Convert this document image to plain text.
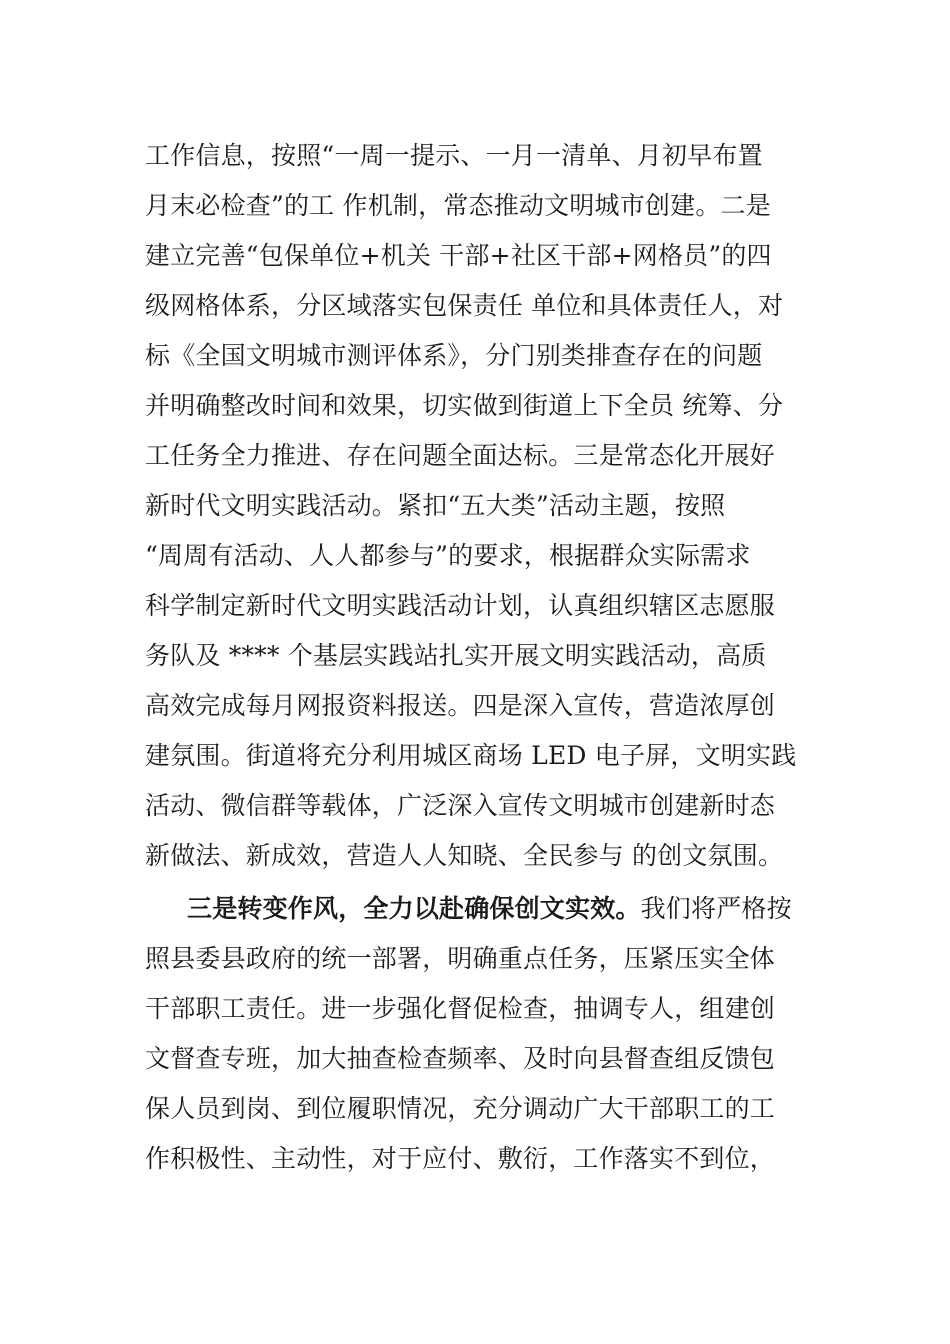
工作信息，按照“一周一提示、一月一清单、月初早布置
月末必检查”的工 作机制，常态推动文明城市创建。二是
建立完善“包保单位+机关 干部+社区干部+网格员”的四
级网格体系，分区域落实包保责任 单位和具体责任人，对
标《全国文明城市测评体系》，分门别类排查存在的问题
并明确整改时间和效果，切实做到街道上下全员 统筹、分
工任务全力推进、存在问题全面达标。三是常态化开展好
新时代文明实践活动。紧扣“五大类”活动主题，按照
“周周有活动、人人都参与”的要求，根据群众实际需求
科学制定新时代文明实践活动计划，认真组织辖区志愿服
务队及 **** 个基层实践站扎实开展文明实践活动，高质
高效完成每月网报资料报送。四是深入宣传，营造浓厚创
建氛围。街道将充分利用城区商场 LED 电子屏，文明实践
活动、微信群等载体，广泛深入宣传文明城市创建新时态
新做法、新成效，营造人人知晓、全民参与 的创文氛围。
三是转变作风，全力以赴确保创文实效。我们将严格按
照县委县政府的统一部署，明确重点任务，压紧压实全体
干部职工责任。进一步强化督促检查，抽调专人，组建创
文督查专班，加大抽查检查频率、及时向县督查组反馈包
保人员到岗、到位履职情况，充分调动广大干部职工的工
作积极性、主动性，对于应付、敷衍，工作落实不到位，
